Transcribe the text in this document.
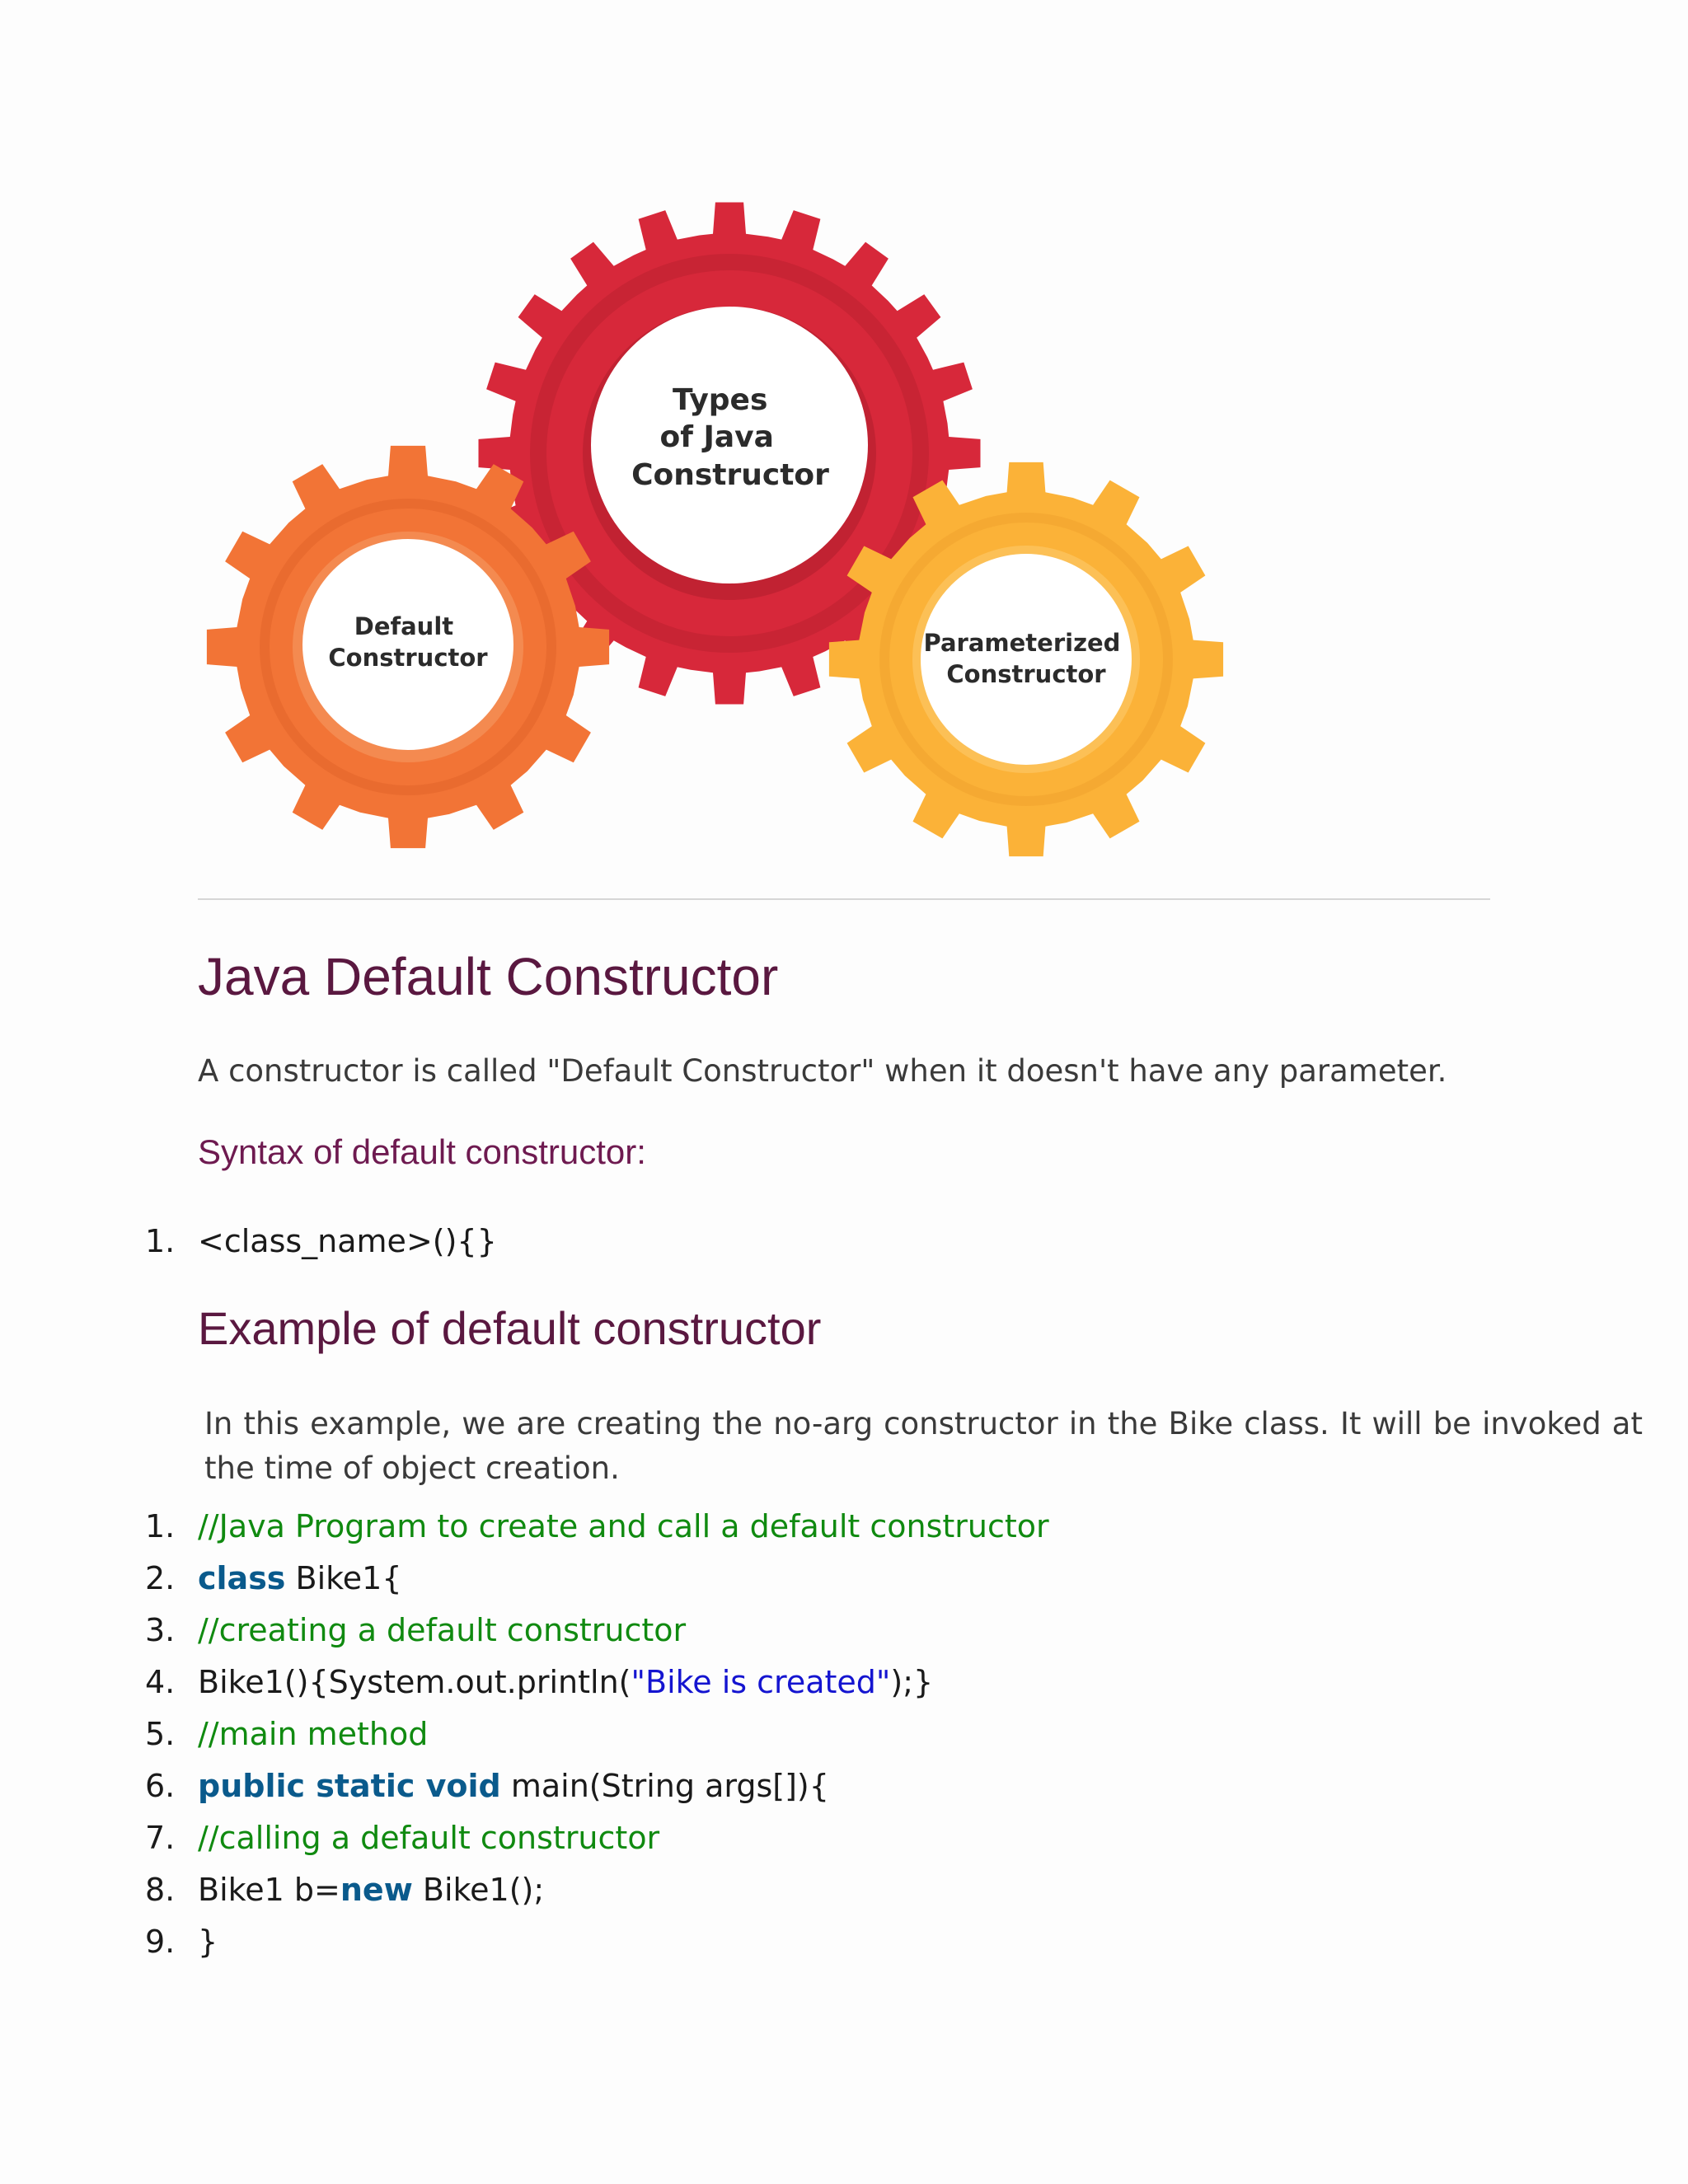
Types of Java Constructor
Default Constructor
Parameterized Constructor
Java Default Constructor
A constructor is called "Default Constructor" when it doesn't have any parameter.
Syntax of default constructor:
1. <class_name>(){}
Example of default constructor
In this example, we are creating the no-arg constructor in the Bike class. It will be invoked at the time of object creation.
1. //Java Program to create and call a default constructor
2. class Bike1{
3. //creating a default constructor
4. Bike1(){System.out.println("Bike is created");}
5. //main method
6. public static void main(String args[]){
7. //calling a default constructor
8. Bike1 b=new Bike1();
9. }
